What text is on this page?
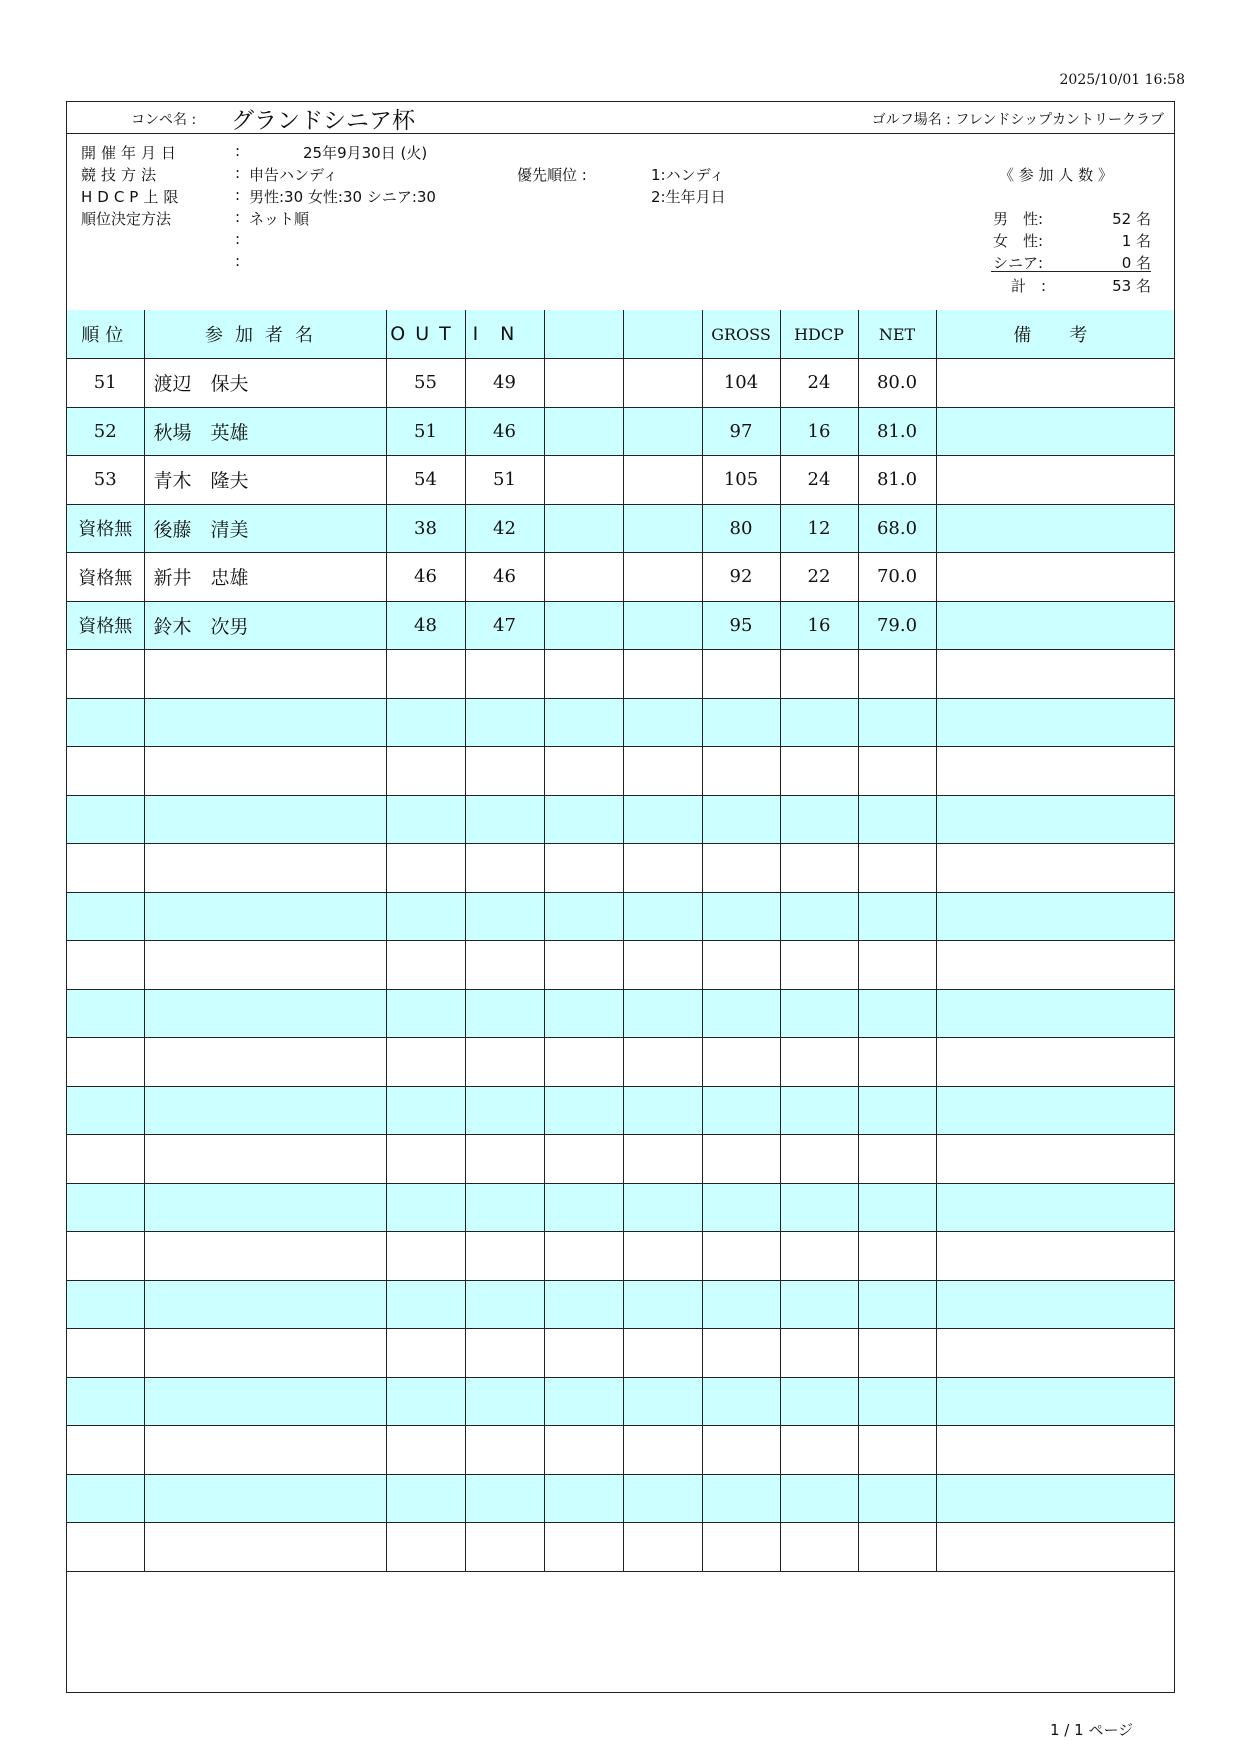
2025/10/01 16:58
コンペ名 : グランドシニア杯	ゴルフ場名 : フレンドシップカントリークラブ
開催年月日	:	25年9月30日 (火)
競技方法	: 申告ハンディ	優先順位 :	1:ハンディ
HDCP上限	: 男性:30 女性:30 シニア:30	2:生年月日
順位決定方法	: ネット順
:
:
《 参 加 人 数 》
男　性:	52 名
女　性:	1 名
シニア:	0 名
計　:	53 名
順位	参加者名	OUT	IN			GROSS	HDCP	NET	備　考
51	渡辺　保夫	55	49			104	24	80.0	
52	秋場　英雄	51	46			97	16	81.0	
53	青木　隆夫	54	51			105	24	81.0	
資格無	後藤　清美	38	42			80	12	68.0	
資格無	新井　忠雄	46	46			92	22	70.0	
資格無	鈴木　次男	48	47			95	16	79.0	

1 / 1 ページ
